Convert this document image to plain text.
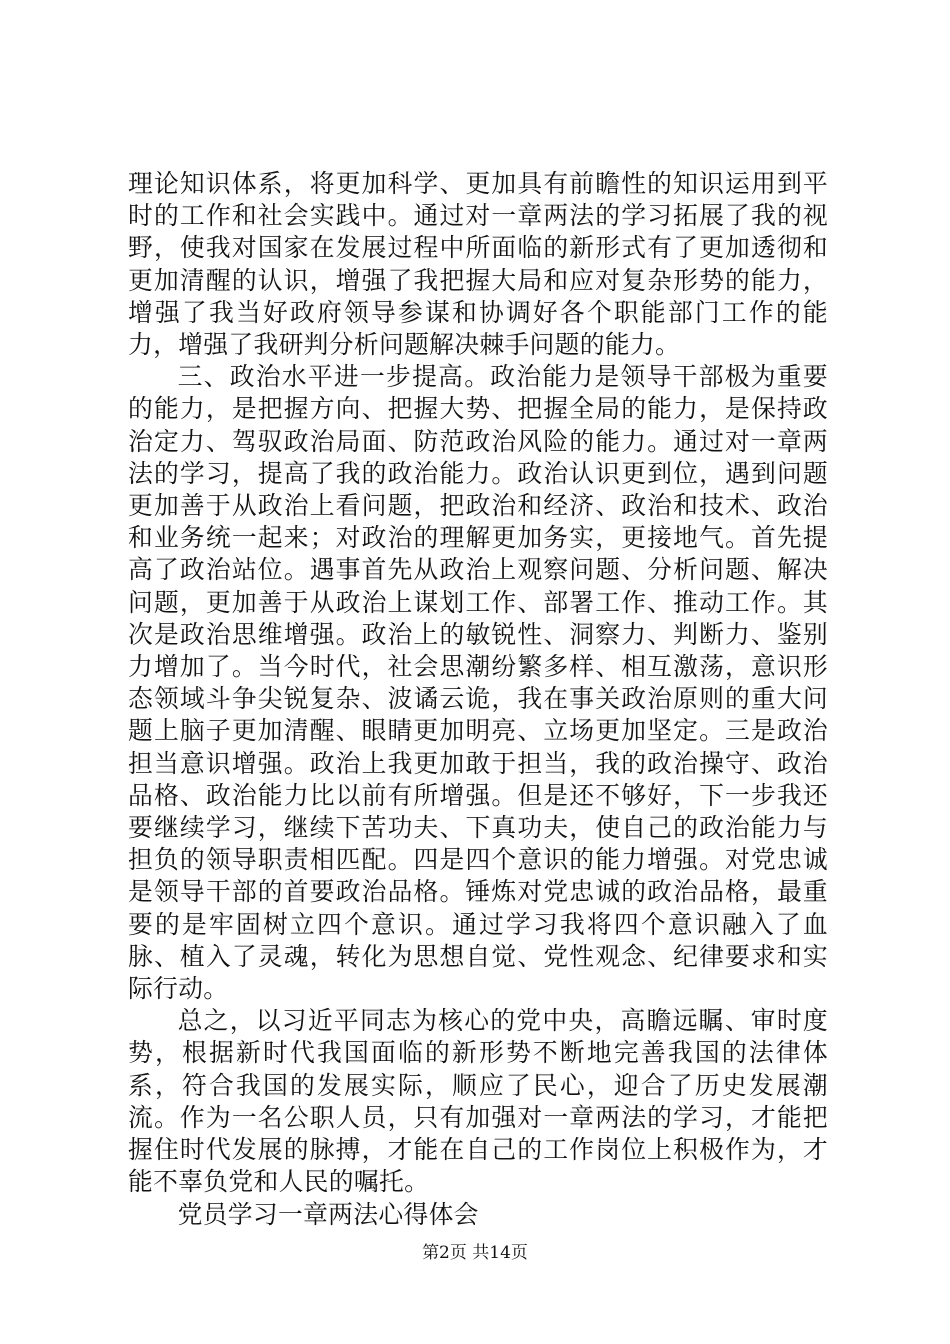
理论知识体系，将更加科学、更加具有前瞻性的知识运用到平时的工作和社会实践中。通过对一章两法的学习拓展了我的视野，使我对国家在发展过程中所面临的新形式有了更加透彻和更加清醒的认识，增强了我把握大局和应对复杂形势的能力，增强了我当好政府领导参谋和协调好各个职能部门工作的能力，增强了我研判分析问题解决棘手问题的能力。

三、政治水平进一步提高。政治能力是领导干部极为重要的能力，是把握方向、把握大势、把握全局的能力，是保持政治定力、驾驭政治局面、防范政治风险的能力。通过对一章两法的学习，提高了我的政治能力。政治认识更到位，遇到问题更加善于从政治上看问题，把政治和经济、政治和技术、政治和业务统一起来；对政治的理解更加务实，更接地气。首先提高了政治站位。遇事首先从政治上观察问题、分析问题、解决问题，更加善于从政治上谋划工作、部署工作、推动工作。其次是政治思维增强。政治上的敏锐性、洞察力、判断力、鉴别力增加了。当今时代，社会思潮纷繁多样、相互激荡，意识形态领域斗争尖锐复杂、波谲云诡，我在事关政治原则的重大问题上脑子更加清醒、眼睛更加明亮、立场更加坚定。三是政治担当意识增强。政治上我更加敢于担当，我的政治操守、政治品格、政治能力比以前有所增强。但是还不够好，下一步我还要继续学习，继续下苦功夫、下真功夫，使自己的政治能力与担负的领导职责相匹配。四是四个意识的能力增强。对党忠诚是领导干部的首要政治品格。锤炼对党忠诚的政治品格，最重要的是牢固树立四个意识。通过学习我将四个意识融入了血脉、植入了灵魂，转化为思想自觉、党性观念、纪律要求和实际行动。

总之，以习近平同志为核心的党中央，高瞻远瞩、审时度势，根据新时代我国面临的新形势不断地完善我国的法律体系，符合我国的发展实际，顺应了民心，迎合了历史发展潮流。作为一名公职人员，只有加强对一章两法的学习，才能把握住时代发展的脉搏，才能在自己的工作岗位上积极作为，才能不辜负党和人民的嘱托。

党员学习一章两法心得体会

第2页 共14页
